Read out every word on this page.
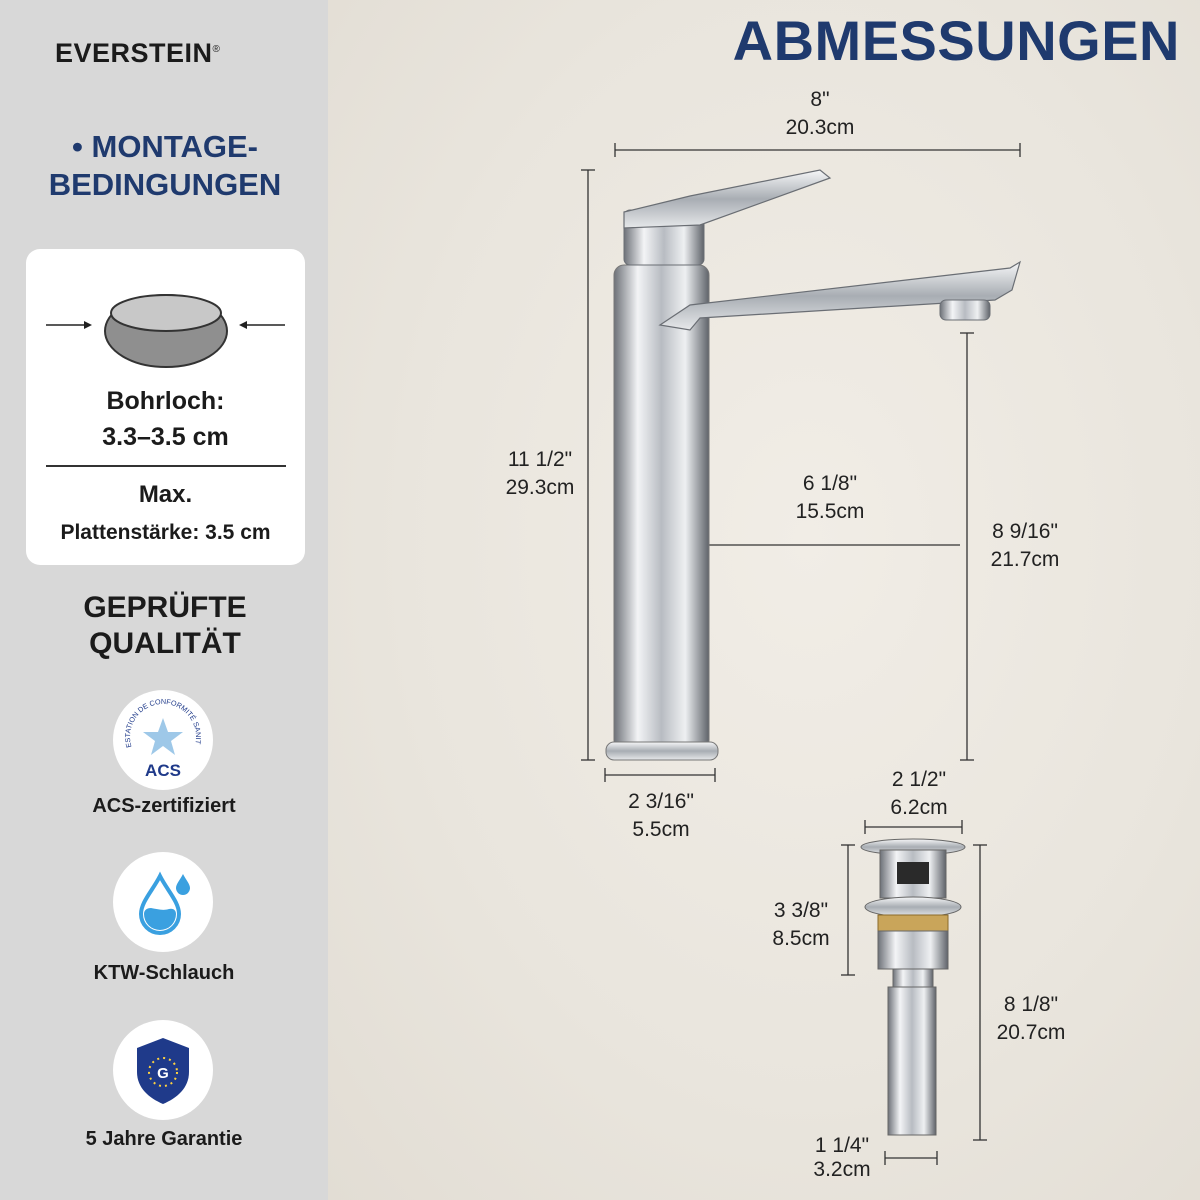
EVERSTEIN®
• MONTAGE-
BEDINGUNGEN
Bohrloch:
3.3–3.5 cm
Max.
Plattenstärke: 3.5 cm
GEPRÜFTE
QUALITÄT
ESTATION DE CONFORMITÉ SANIT
ACS
ACS-zertifiziert
KTW-Schlauch
G
5 Jahre Garantie
ABMESSUNGEN
8"
20.3cm
11 1/2"
29.3cm	6 1/8"
15.5cm
8 9/16"
21.7cm
2 3/16"
5.5cm
2 1/2"
6.2cm
3 3/8"
8.5cm
8 1/8"
20.7cm
1 1/4"
3.2cm
